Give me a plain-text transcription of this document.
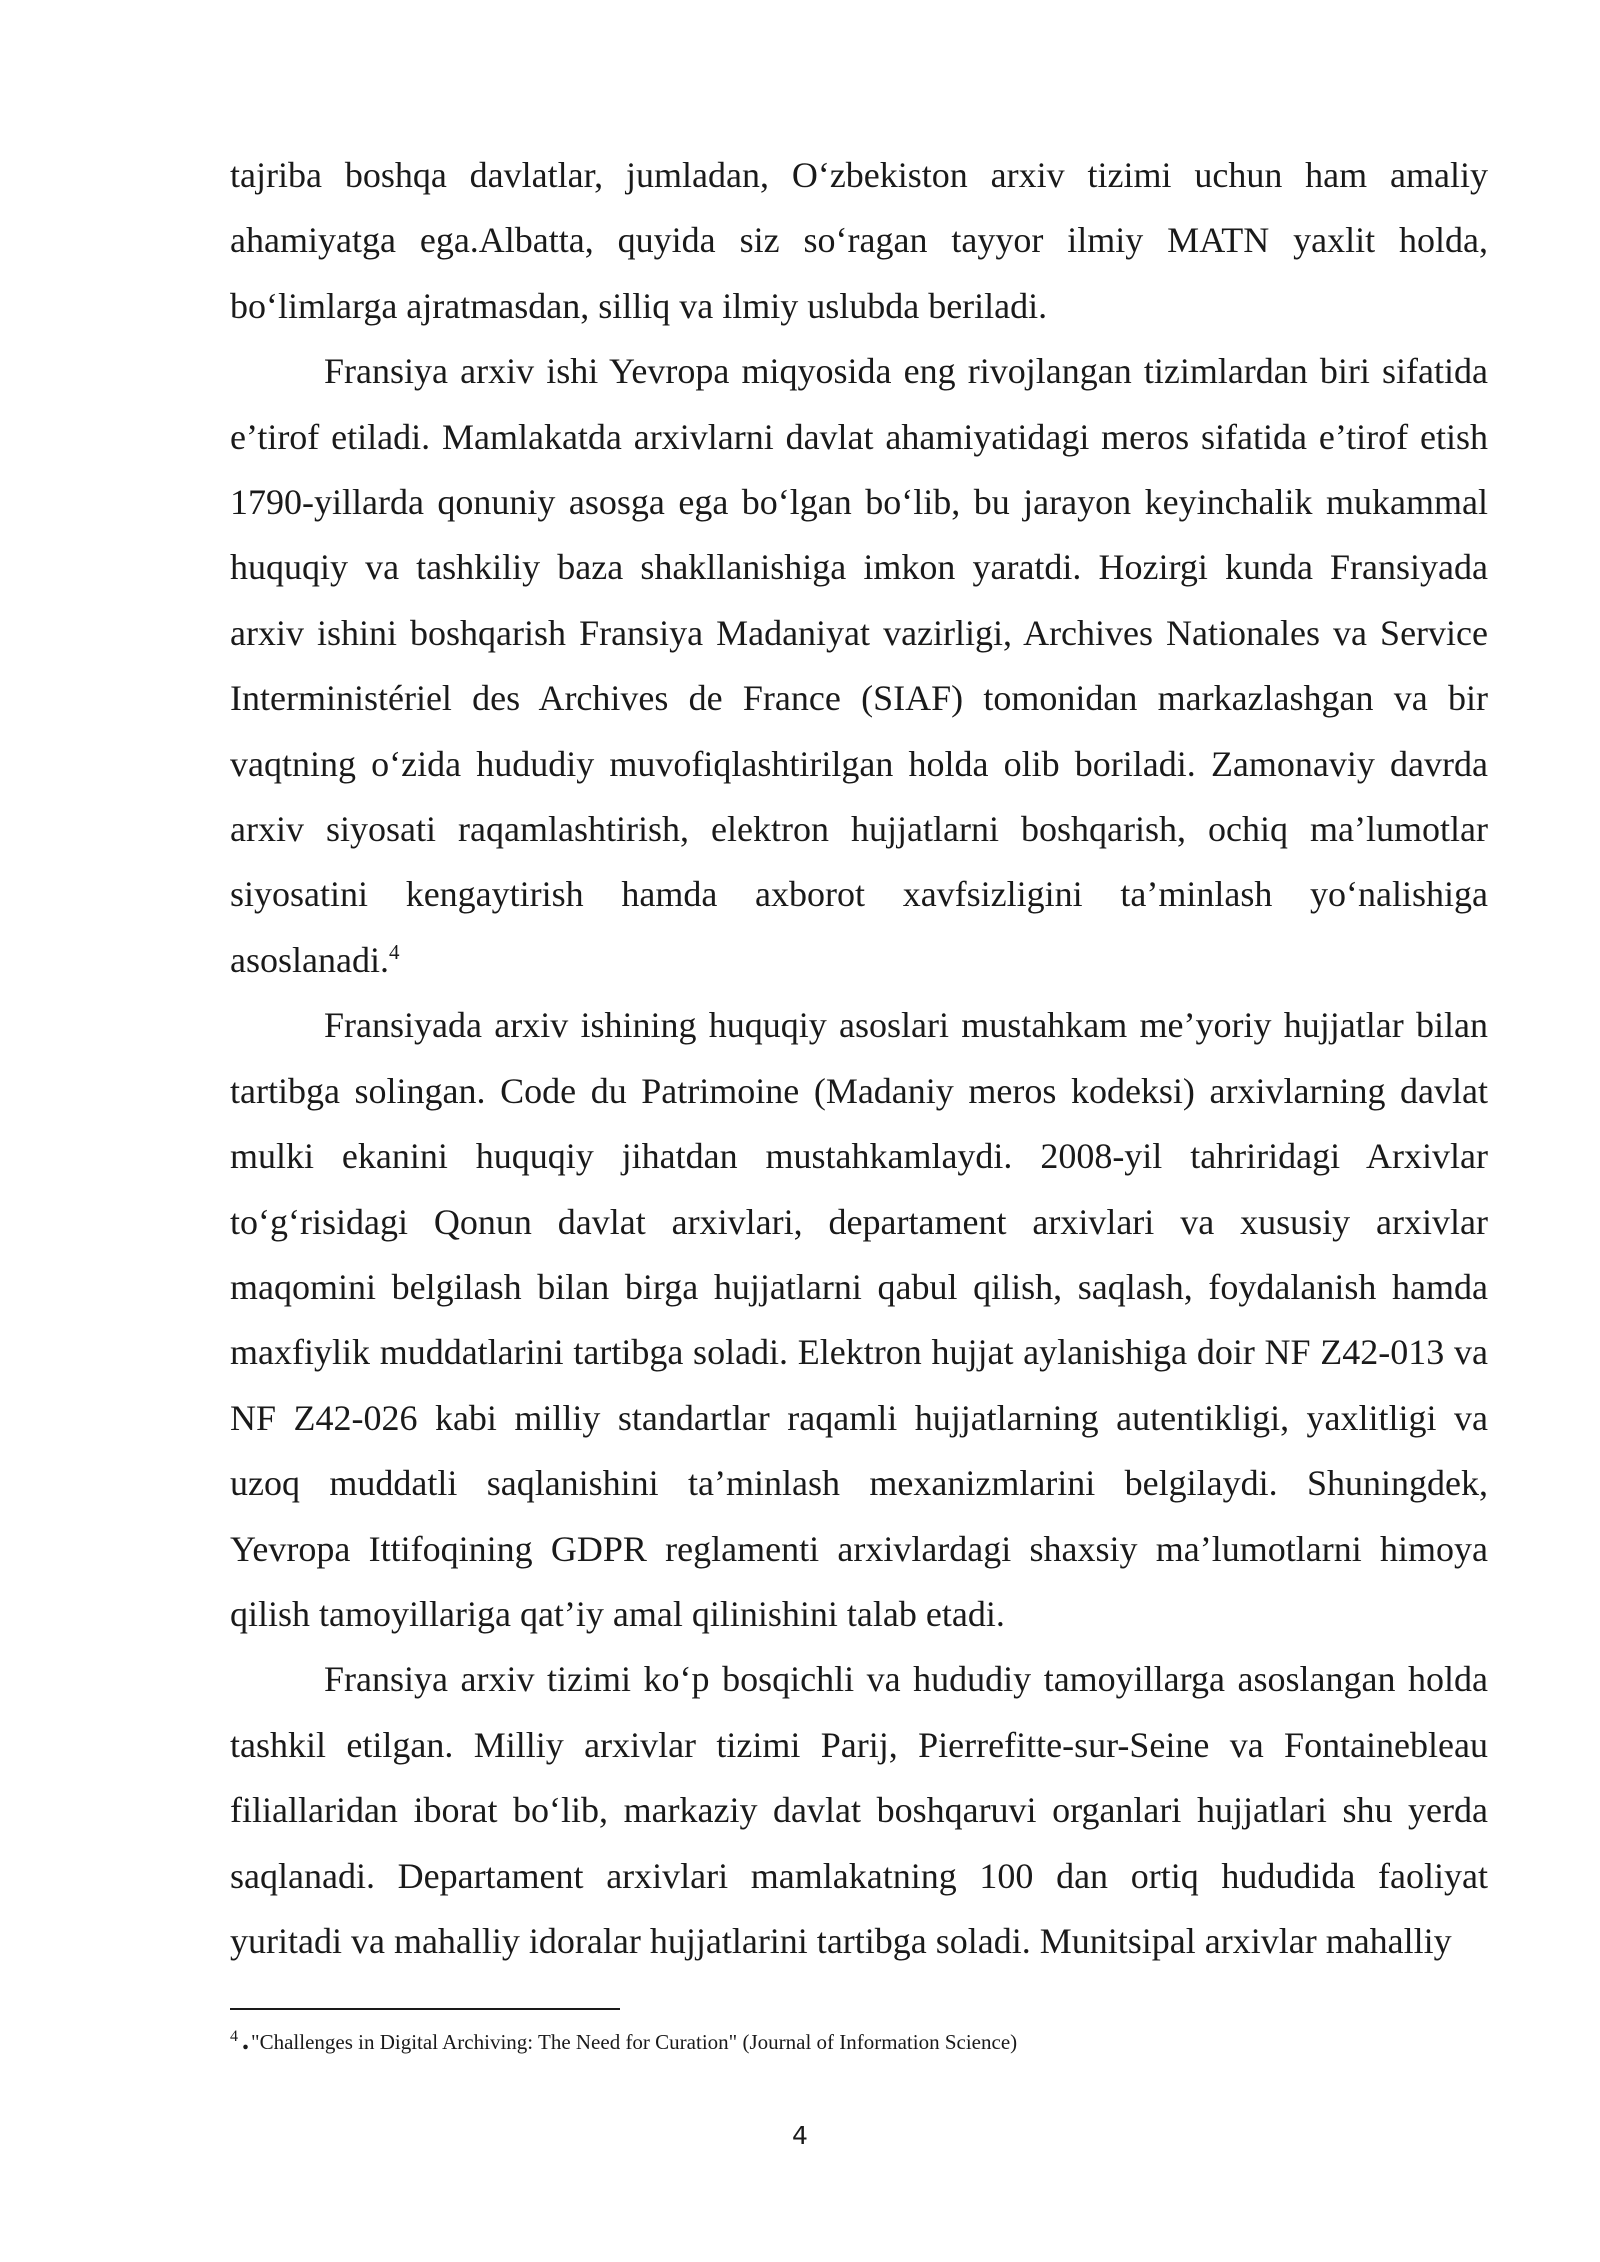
tajriba boshqa davlatlar, jumladan, Oʻzbekiston arxiv tizimi uchun ham amaliy ahamiyatga ega.Albatta, quyida siz soʻragan tayyor ilmiy MATN yaxlit holda, boʻlimlarga ajratmasdan, silliq va ilmiy uslubda beriladi.

Fransiya arxiv ishi Yevropa miqyosida eng rivojlangan tizimlardan biri sifatida e’tirof etiladi. Mamlakatda arxivlarni davlat ahamiyatidagi meros sifatida e’tirof etish 1790-yillarda qonuniy asosga ega boʻlgan boʻlib, bu jarayon keyinchalik mukammal huquqiy va tashkiliy baza shakllanishiga imkon yaratdi. Hozirgi kunda Fransiyada arxiv ishini boshqarish Fransiya Madaniyat vazirligi, Archives Nationales va Service Interministériel des Archives de France (SIAF) tomonidan markazlashgan va bir vaqtning oʻzida hududiy muvofiqlashtirilgan holda olib boriladi. Zamonaviy davrda arxiv siyosati raqamlashtirish, elektron hujjatlarni boshqarish, ochiq ma’lumotlar siyosatini kengaytirish hamda axborot xavfsizligini ta’minlash yoʻnalishiga asoslanadi.$^4$

Fransiyada arxiv ishining huquqiy asoslari mustahkam me’yoriy hujjatlar bilan tartibga solingan. Code du Patrimoine (Madaniy meros kodeksi) arxivlarning davlat mulki ekanini huquqiy jihatdan mustahkamlaydi. 2008-yil tahriridagi Arxivlar toʻgʻrisidagi Qonun davlat arxivlari, departament arxivlari va xususiy arxivlar maqomini belgilash bilan birga hujjatlarni qabul qilish, saqlash, foydalanish hamda maxfiylik muddatlarini tartibga soladi. Elektron hujjat aylanishiga doir NF Z42-013 va NF Z42-026 kabi milliy standartlar raqamli hujjatlarning autentikligi, yaxlitligi va uzoq muddatli saqlanishini ta’minlash mexanizmlarini belgilaydi. Shuningdek, Yevropa Ittifoqining GDPR reglamenti arxivlardagi shaxsiy ma’lumotlarni himoya qilish tamoyillariga qat’iy amal qilinishini talab etadi.

Fransiya arxiv tizimi koʻp bosqichli va hududiy tamoyillarga asoslangan holda tashkil etilgan. Milliy arxivlar tizimi Parij, Pierrefitte-sur-Seine va Fontainebleau filiallaridan iborat boʻlib, markaziy davlat boshqaruvi organlari hujjatlari shu yerda saqlanadi. Departament arxivlari mamlakatning 100 dan ortiq hududida faoliyat yuritadi va mahalliy idoralar hujjatlarini tartibga soladi. Munitsipal arxivlar mahalliy

$^4$ ."Challenges in Digital Archiving: The Need for Curation" (Journal of Information Science)
4
